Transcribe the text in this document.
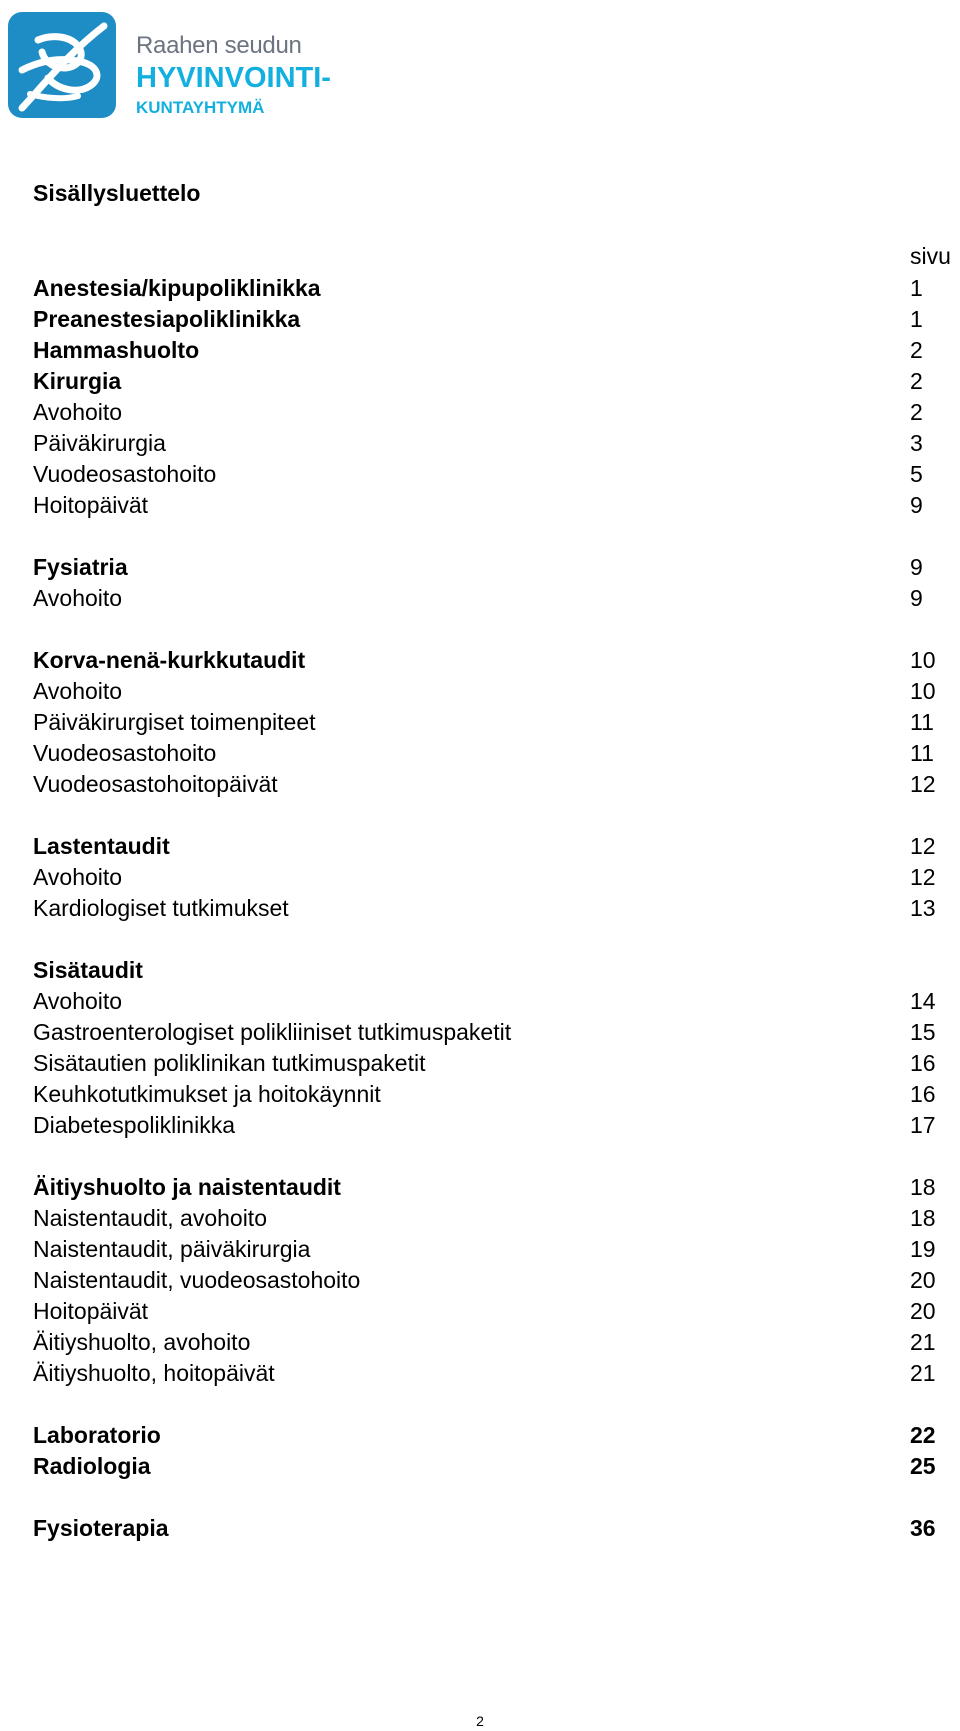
Raahen seudun
HYVINVOINTI-
KUNTAYHTYMÄ
Sisällysluettelo
sivu
Anestesia/kipupoliklinikka	1
Preanestesiapoliklinikka	1
Hammashuolto	2
Kirurgia	2
Avohoito	2
Päiväkirurgia	3
Vuodeosastohoito	5
Hoitopäivät	9
Fysiatria	9
Avohoito	9
Korva-nenä-kurkkutaudit	10
Avohoito	10
Päiväkirurgiset toimenpiteet	11
Vuodeosastohoito	11
Vuodeosastohoitopäivät	12
Lastentaudit	12
Avohoito	12
Kardiologiset tutkimukset	13
Sisätaudit
Avohoito	14
Gastroenterologiset polikliiniset tutkimuspaketit	15
Sisätautien poliklinikan tutkimuspaketit	16
Keuhkotutkimukset ja hoitokäynnit	16
Diabetespoliklinikka	17
Äitiyshuolto ja naistentaudit	18
Naistentaudit, avohoito	18
Naistentaudit, päiväkirurgia	19
Naistentaudit, vuodeosastohoito	20
Hoitopäivät	20
Äitiyshuolto, avohoito	21
Äitiyshuolto, hoitopäivät	21
Laboratorio	22
Radiologia	25
Fysioterapia	36
2
